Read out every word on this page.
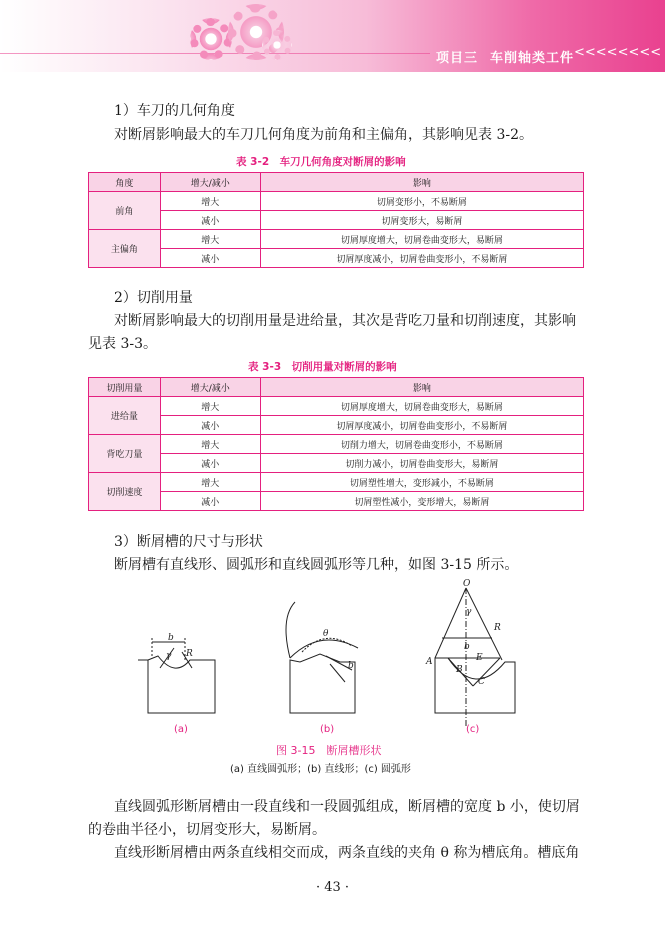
项目三 车削轴类工件 <<<<<<<<
1）车刀的几何角度
对断屑影响最大的车刀几何角度为前角和主偏角，其影响见表 3-2。
表 3-2　车刀几何角度对断屑的影响
角度	增大/减小	影响
前角	增大	切屑变形小，不易断屑
	减小	切屑变形大，易断屑
主偏角	增大	切屑厚度增大，切屑卷曲变形大，易断屑
	减小	切屑厚度减小，切屑卷曲变形小，不易断屑
2）切削用量
对断屑影响最大的切削用量是进给量，其次是背吃刀量和切削速度，其影响
见表 3-3。
表 3-3　切削用量对断屑的影响
切削用量	增大/减小	影响
进给量	增大	切屑厚度增大，切屑卷曲变形大，易断屑
	减小	切屑厚度减小，切屑卷曲变形小，不易断屑
背吃刀量	增大	切削力增大，切屑卷曲变形小，不易断屑
	减小	切削力减小，切屑卷曲变形大，易断屑
切削速度	增大	切屑塑性增大，变形减小，不易断屑
	减小	切屑塑性减小，变形增大，易断屑
3）断屑槽的尺寸与形状
断屑槽有直线形、圆弧形和直线圆弧形等几种，如图 3-15 所示。
b
γ R
θ
b
O
γ
R
b
A
B
E
C
(a)	(b)	(c)
图 3-15　断屑槽形状
(a) 直线圆弧形；(b) 直线形；(c) 圆弧形
直线圆弧形断屑槽由一段直线和一段圆弧组成，断屑槽的宽度 b 小，使切屑
的卷曲半径小，切屑变形大，易断屑。
直线形断屑槽由两条直线相交而成，两条直线的夹角 θ 称为槽底角。槽底角
· 43 ·
